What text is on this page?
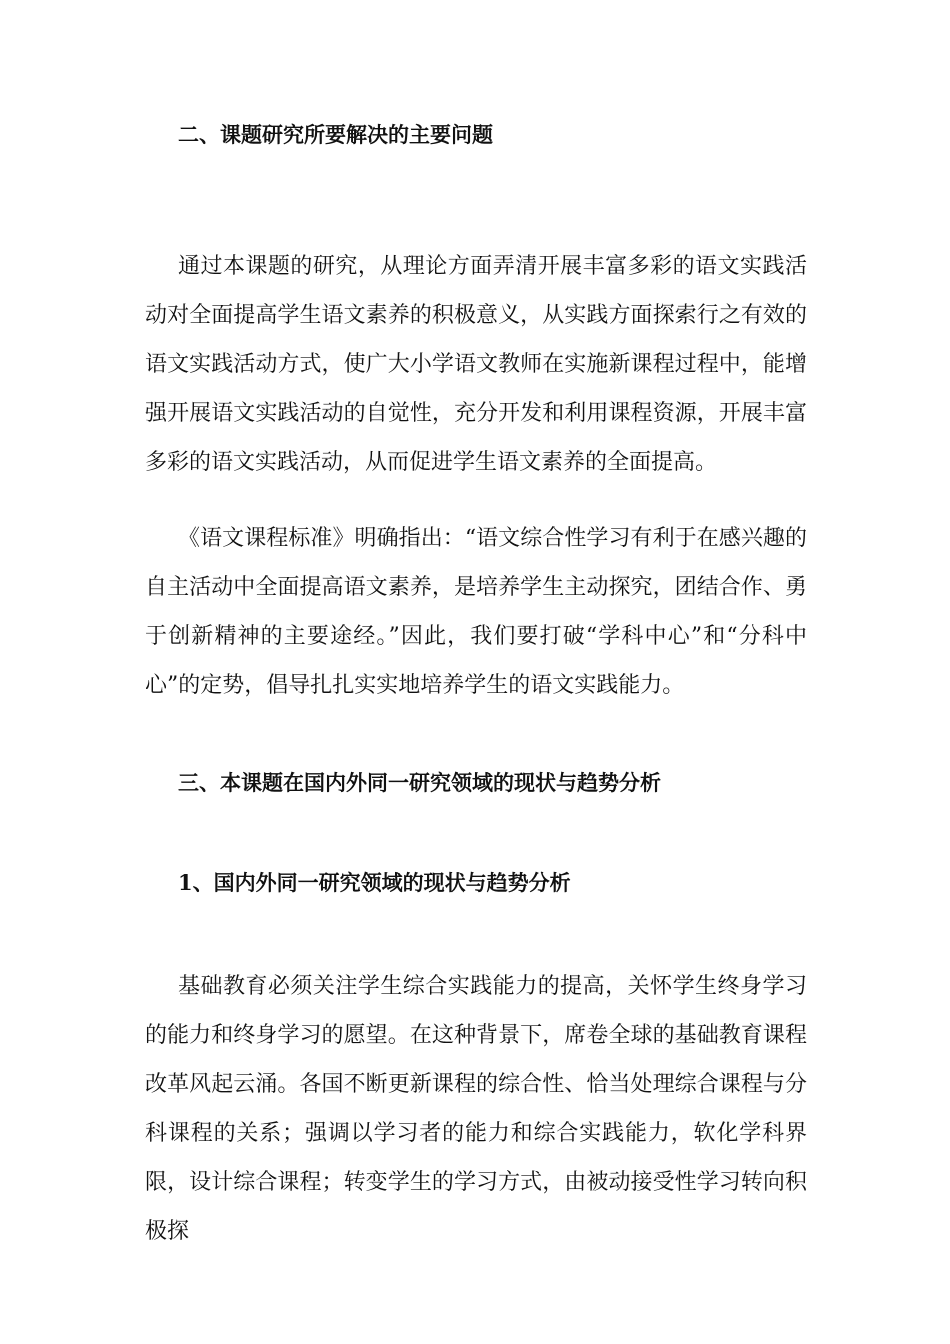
二、课题研究所要解决的主要问题

通过本课题的研究，从理论方面弄清开展丰富多彩的语文实践活动对全面提高学生语文素养的积极意义，从实践方面探索行之有效的语文实践活动方式，使广大小学语文教师在实施新课程过程中，能增强开展语文实践活动的自觉性，充分开发和利用课程资源，开展丰富多彩的语文实践活动，从而促进学生语文素养的全面提高。

《语文课程标准》明确指出：“语文综合性学习有利于在感兴趣的自主活动中全面提高语文素养，是培养学生主动探究，团结合作、勇于创新精神的主要途经。”因此，我们要打破“学科中心”和“分科中心”的定势，倡导扎扎实实地培养学生的语文实践能力。

三、本课题在国内外同一研究领域的现状与趋势分析
1、国内外同一研究领域的现状与趋势分析

基础教育必须关注学生综合实践能力的提高，关怀学生终身学习的能力和终身学习的愿望。在这种背景下，席卷全球的基础教育课程改革风起云涌。各国不断更新课程的综合性、恰当处理综合课程与分科课程的关系；强调以学习者的能力和综合实践能力，软化学科界限，设计综合课程；转变学生的学习方式，由被动接受性学习转向积极探
